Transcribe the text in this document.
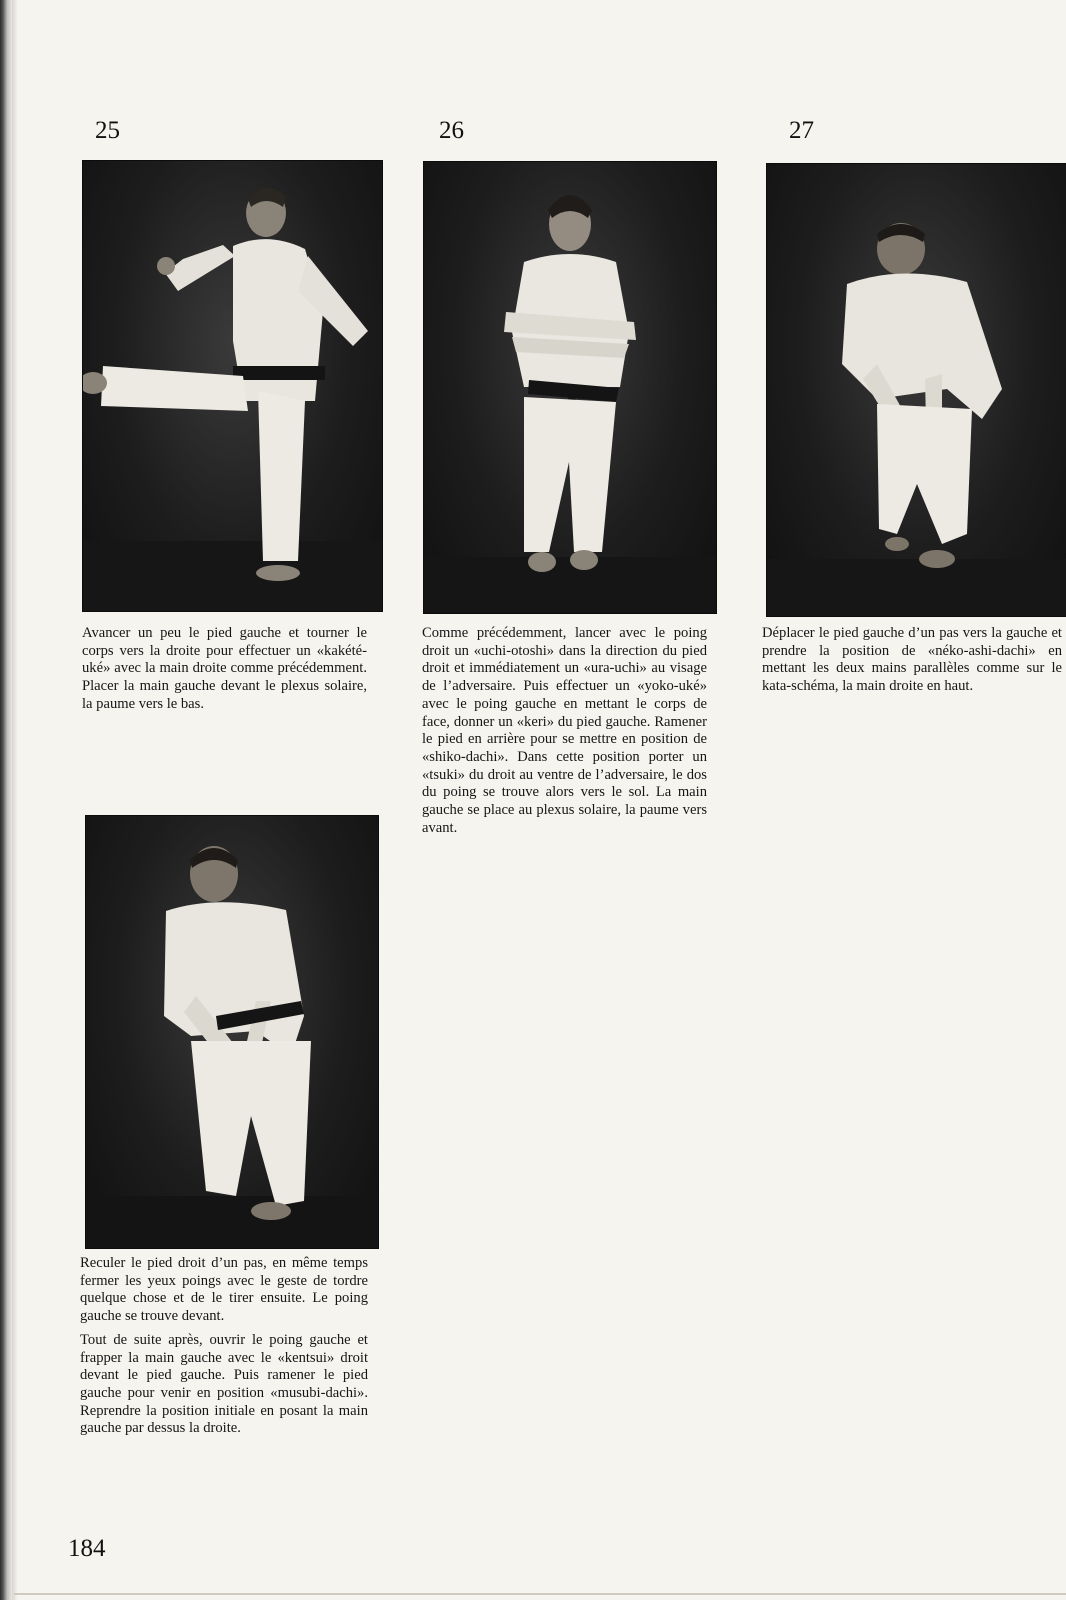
25

Avancer un peu le pied gauche et tourner le corps vers la droite pour effectuer un «kakété-uké» avec la main droite comme précédemment. Placer la main gauche devant le plexus solaire, la paume vers le bas.

26

Comme précédemment, lancer avec le poing droit un «uchi-otoshi» dans la direction du pied droit et immédiatement un «ura-uchi» au visage de l’adversaire. Puis effectuer un «yoko-uké» avec le poing gauche en mettant le corps de face, donner un «keri» du pied gauche. Ramener le pied en arrière pour se mettre en position de «shiko-dachi». Dans cette position porter un «tsuki» du droit au ventre de l’adversaire, le dos du poing se trouve alors vers le sol. La main gauche se place au plexus solaire, la paume vers avant.

27

Déplacer le pied gauche d’un pas vers la gauche et prendre la position de «néko-ashi-dachi» en mettant les deux mains parallèles comme sur le kata-schéma, la main droite en haut.

Reculer le pied droit d’un pas, en même temps fermer les yeux poings avec le geste de tordre quelque chose et de le tirer ensuite. Le poing gauche se trouve devant.

Tout de suite après, ouvrir le poing gauche et frapper la main gauche avec le «kentsui» droit devant le pied gauche. Puis ramener le pied gauche pour venir en position «musubi-dachi». Reprendre la position initiale en posant la main gauche par dessus la droite.

184
